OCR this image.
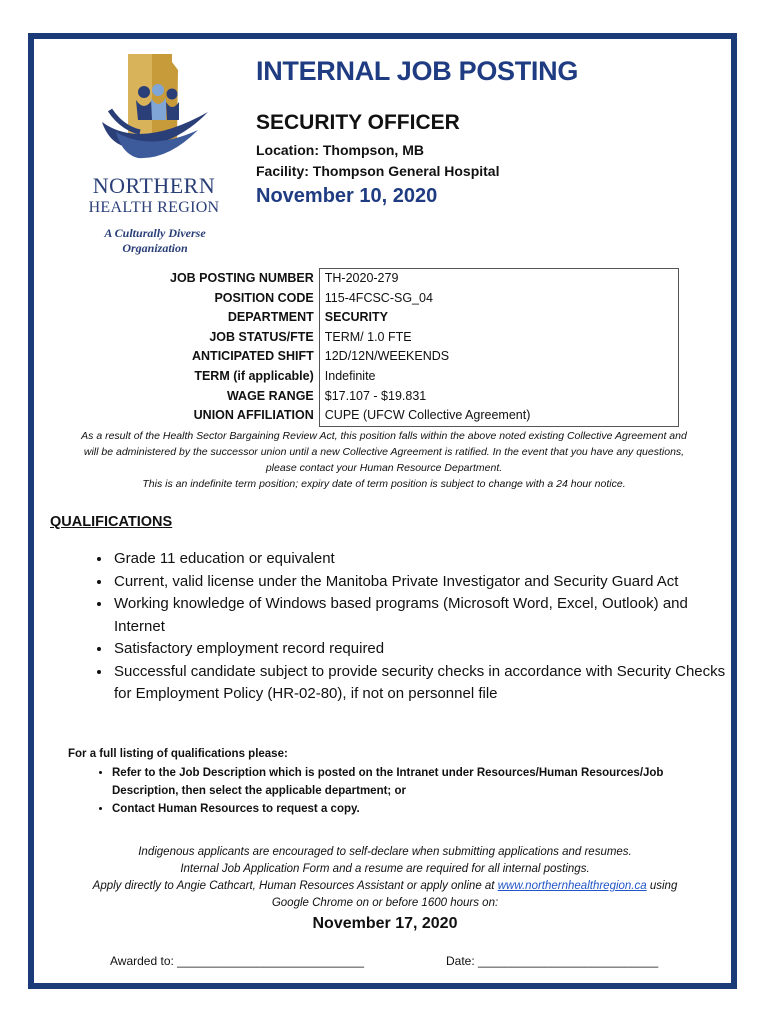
NORTHERN
HEALTH REGION
A Culturally Diverse
Organization
INTERNAL JOB POSTING
SECURITY OFFICER
Location: Thompson, MB
Facility: Thompson General Hospital
November 10, 2020
JOB POSTING NUMBER	TH-2020-279
POSITION CODE	115-4FCSC-SG_04
DEPARTMENT	SECURITY
JOB STATUS/FTE	TERM/ 1.0 FTE
ANTICIPATED SHIFT	12D/12N/WEEKENDS
TERM (if applicable)	Indefinite
WAGE RANGE	$17.107 - $19.831
UNION AFFILIATION	CUPE (UFCW Collective Agreement)
As a result of the Health Sector Bargaining Review Act, this position falls within the above noted existing Collective Agreement and
will be administered by the successor union until a new Collective Agreement is ratified. In the event that you have any questions,
please contact your Human Resource Department.
This is an indefinite term position; expiry date of term position is subject to change with a 24 hour notice.
QUALIFICATIONS
• Grade 11 education or equivalent
• Current, valid license under the Manitoba Private Investigator and Security Guard Act
• Working knowledge of Windows based programs (Microsoft Word, Excel, Outlook) and Internet
• Satisfactory employment record required
• Successful candidate subject to provide security checks in accordance with Security Checks for Employment Policy (HR-02-80), if not on personnel file
For a full listing of qualifications please:
• Refer to the Job Description which is posted on the Intranet under Resources/Human Resources/Job Description, then select the applicable department; or
• Contact Human Resources to request a copy.
Indigenous applicants are encouraged to self-declare when submitting applications and resumes.
Internal Job Application Form and a resume are required for all internal postings.
Apply directly to Angie Cathcart, Human Resources Assistant or apply online at www.northernhealthregion.ca using
Google Chrome on or before 1600 hours on:
November 17, 2020
Awarded to: ____________________________	Date: ___________________________
